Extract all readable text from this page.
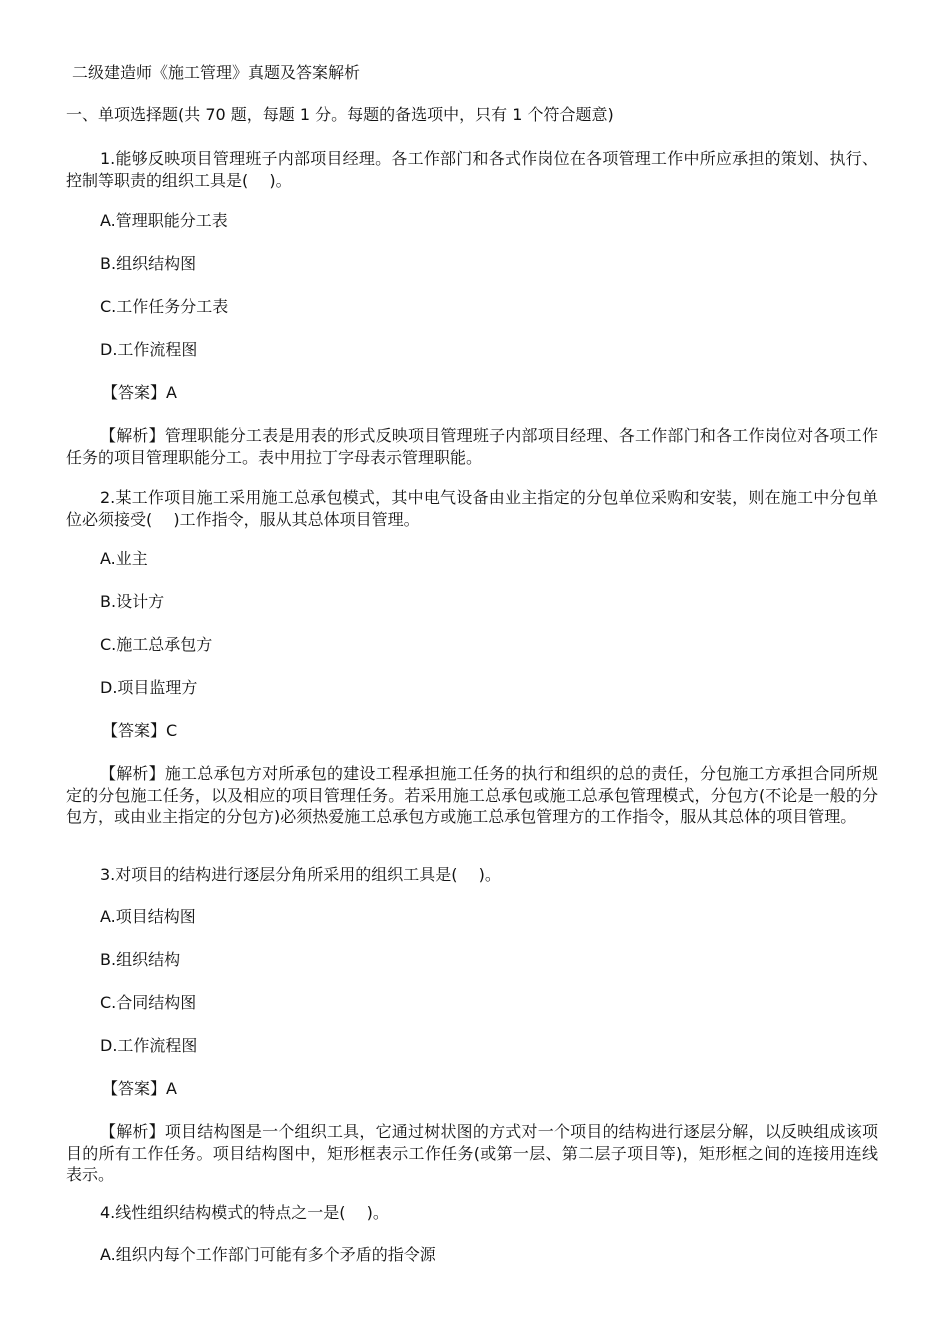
二级建造师《施工管理》真题及答案解析
一、单项选择题(共 70 题，每题 1 分。每题的备选项中，只有 1 个符合题意)

1.能够反映项目管理班子内部项目经理。各工作部门和各式作岗位在各项管理工作中所应承担的策划、执行、控制等职责的组织工具是(　 )。

A.管理职能分工表
B.组织结构图
C.工作任务分工表
D.工作流程图
【答案】A

【解析】管理职能分工表是用表的形式反映项目管理班子内部项目经理、各工作部门和各工作岗位对各项工作任务的项目管理职能分工。表中用拉丁字母表示管理职能。

2.某工作项目施工采用施工总承包模式，其中电气设备由业主指定的分包单位采购和安装，则在施工中分包单位必须接受(　 )工作指令，服从其总体项目管理。

A.业主
B.设计方
C.施工总承包方
D.项目监理方
【答案】C

【解析】施工总承包方对所承包的建设工程承担施工任务的执行和组织的总的责任，分包施工方承担合同所规定的分包施工任务，以及相应的项目管理任务。若采用施工总承包或施工总承包管理模式，分包方(不论是一般的分包方，或由业主指定的分包方)必须热爱施工总承包方或施工总承包管理方的工作指令，服从其总体的项目管理。

3.对项目的结构进行逐层分角所采用的组织工具是(　 )。

A.项目结构图
B.组织结构
C.合同结构图
D.工作流程图
【答案】A

【解析】项目结构图是一个组织工具，它通过树状图的方式对一个项目的结构进行逐层分解，以反映组成该项目的所有工作任务。项目结构图中，矩形框表示工作任务(或第一层、第二层子项目等)，矩形框之间的连接用连线表示。

4.线性组织结构模式的特点之一是(　 )。

A.组织内每个工作部门可能有多个矛盾的指令源
